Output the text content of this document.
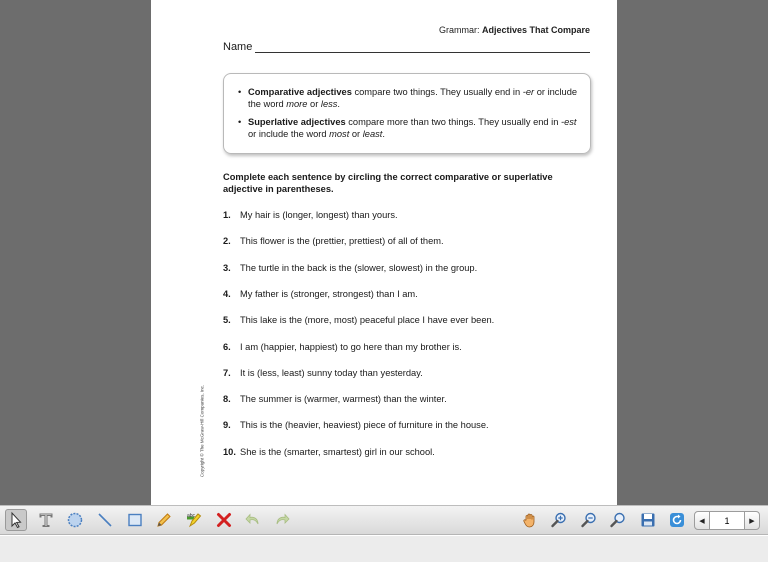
Grammar: Adjectives That Compare
Name
• Comparative adjectives compare two things. They usually end in -er or include the word more or less.
• Superlative adjectives compare more than two things. They usually end in -est or include the word most or least.
Complete each sentence by circling the correct comparative or superlative adjective in parentheses.
1. My hair is (longer, longest) than yours.
2. This flower is the (prettier, prettiest) of all of them.
3. The turtle in the back is the (slower, slowest) in the group.
4. My father is (stronger, strongest) than I am.
5. This lake is the (more, most) peaceful place I have ever been.
6. I am (happier, happiest) to go here than my brother is.
7. It is (less, least) sunny today than yesterday.
8. The summer is (warmer, warmest) than the winter.
9. This is the (heavier, heaviest) piece of furniture in the house.
10. She is the (smarter, smartest) girl in our school.
Copyright © The McGraw-Hill Companies, Inc.
abc
◀
1	▶
